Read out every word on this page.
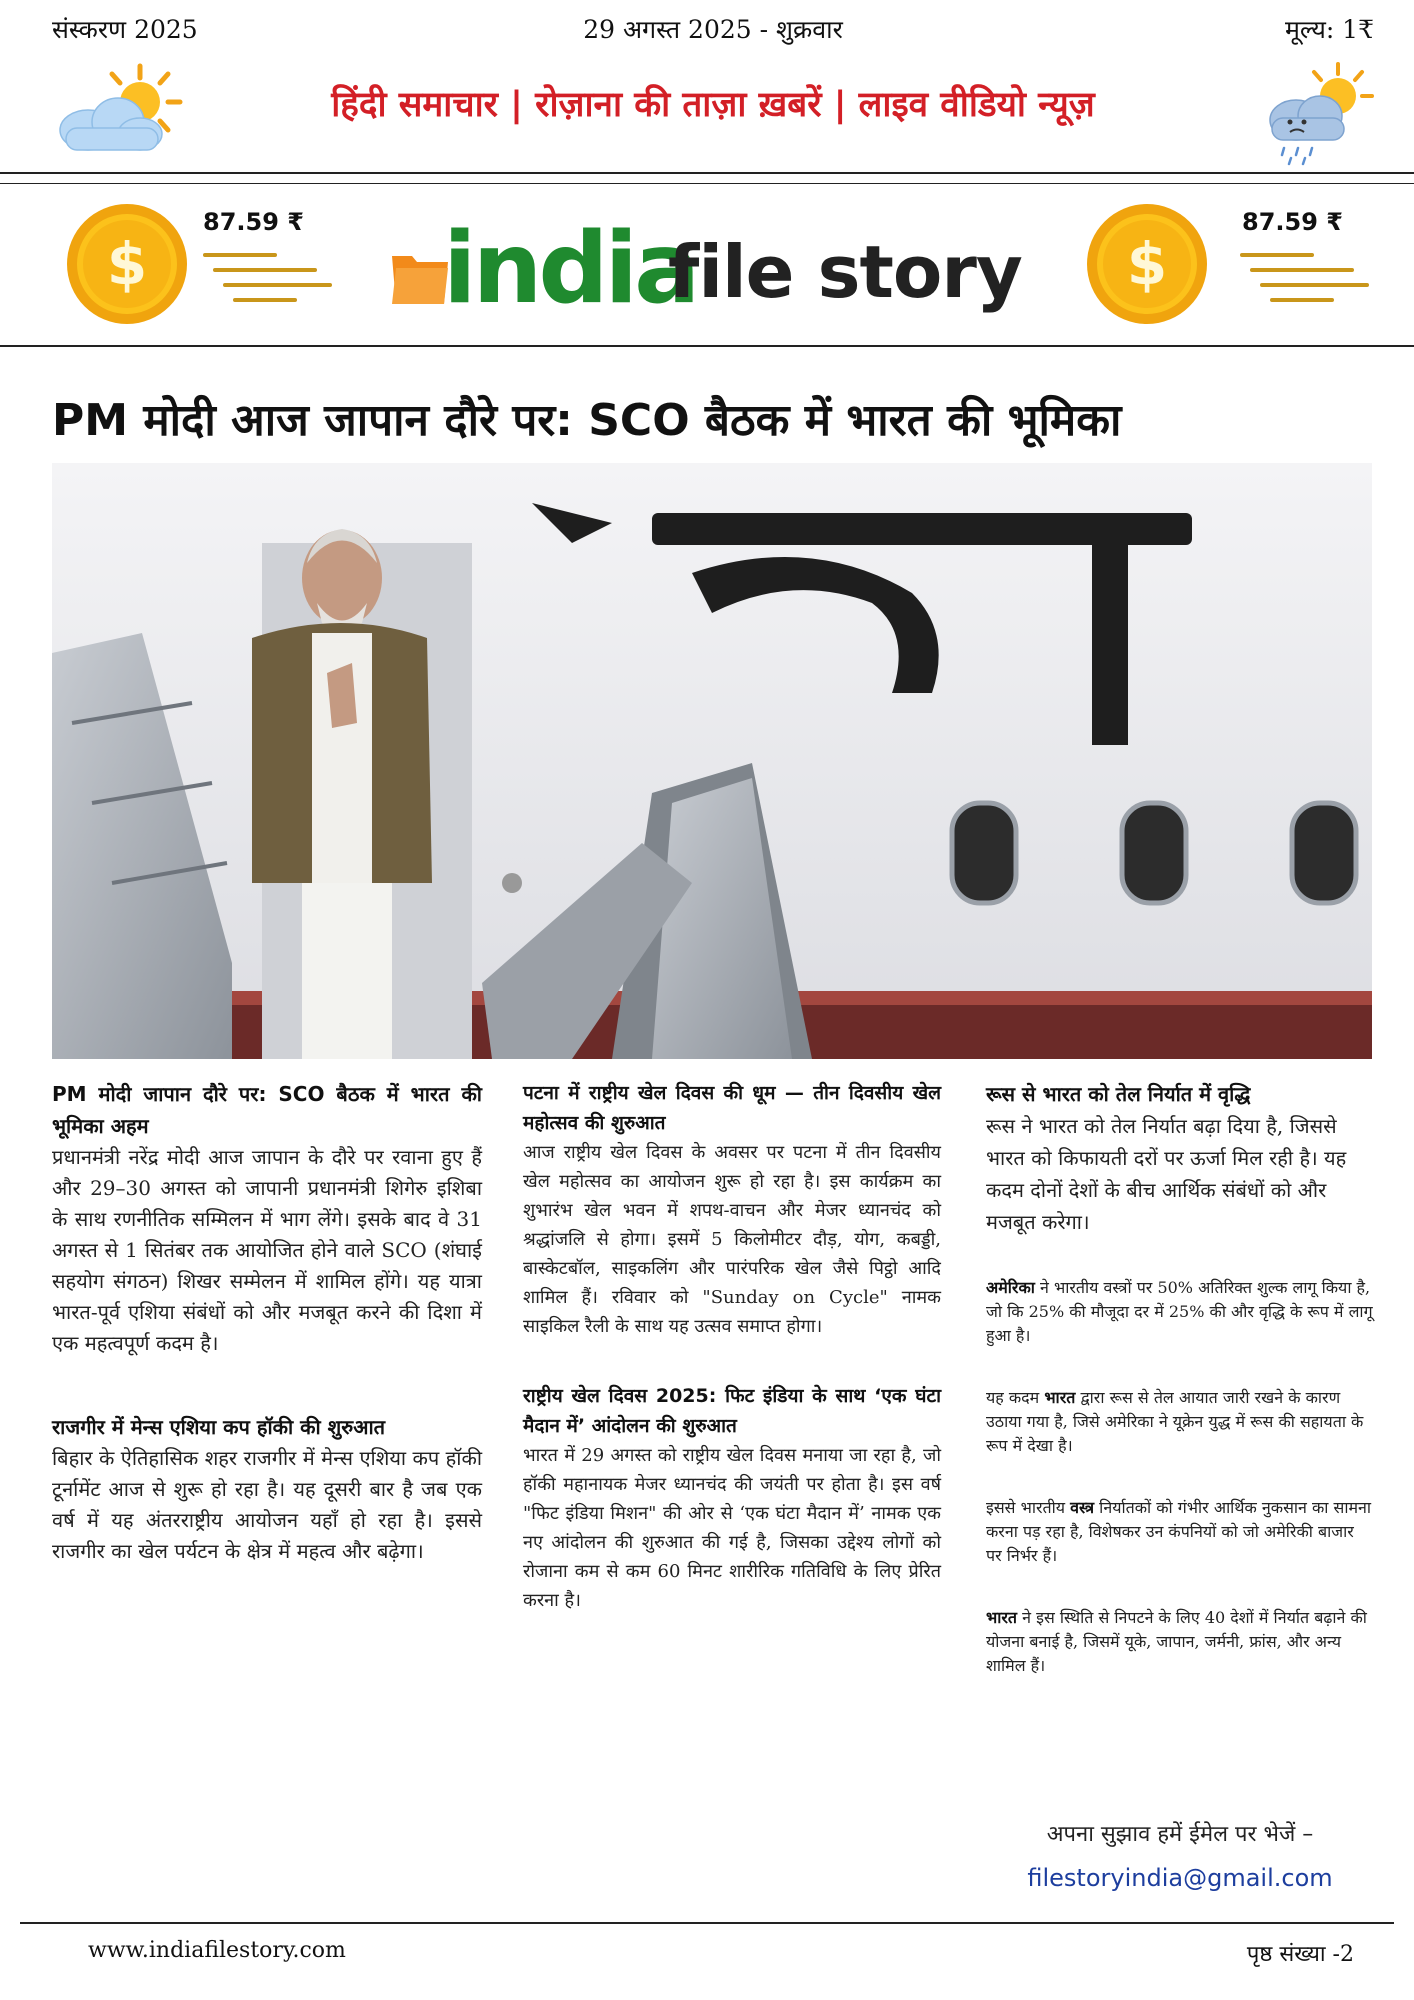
संस्करण 2025	29 अगस्त 2025 - शुक्रवार	मूल्य: 1₹
हिंदी समाचार | रोज़ाना की ताज़ा ख़बरें | लाइव वीडियो न्यूज़
$
87.59 ₹ india
file story $
87.59 ₹
PM मोदी आज जापान दौरे पर: SCO बैठक में भारत की भूमिका
PM मोदी जापान दौरे पर: SCO बैठक में भारत की भूमिका अहम
प्रधानमंत्री नरेंद्र मोदी आज जापान के दौरे पर रवाना हुए हैं और 29–30 अगस्त को जापानी प्रधानमंत्री शिगेरु इशिबा के साथ रणनीतिक सम्मिलन में भाग लेंगे। इसके बाद वे 31 अगस्त से 1 सितंबर तक आयोजित होने वाले SCO (शंघाई सहयोग संगठन) शिखर सम्मेलन में शामिल होंगे। यह यात्रा भारत-पूर्व एशिया संबंधों को और मजबूत करने की दिशा में एक महत्वपूर्ण कदम है।
राजगीर में मेन्स एशिया कप हॉकी की शुरुआत
बिहार के ऐतिहासिक शहर राजगीर में मेन्स एशिया कप हॉकी टूर्नामेंट आज से शुरू हो रहा है। यह दूसरी बार है जब एक वर्ष में यह अंतरराष्ट्रीय आयोजन यहाँ हो रहा है। इससे राजगीर का खेल पर्यटन के क्षेत्र में महत्व और बढ़ेगा।
पटना में राष्ट्रीय खेल दिवस की धूम — तीन दिवसीय खेल महोत्सव की शुरुआत
आज राष्ट्रीय खेल दिवस के अवसर पर पटना में तीन दिवसीय खेल महोत्सव का आयोजन शुरू हो रहा है। इस कार्यक्रम का शुभारंभ खेल भवन में शपथ-वाचन और मेजर ध्यानचंद को श्रद्धांजलि से होगा। इसमें 5 किलोमीटर दौड़, योग, कबड्डी, बास्केटबॉल, साइकलिंग और पारंपरिक खेल जैसे पिट्ठो आदि शामिल हैं। रविवार को "Sunday on Cycle" नामक साइकिल रैली के साथ यह उत्सव समाप्त होगा।
राष्ट्रीय खेल दिवस 2025: फिट इंडिया के साथ ‘एक घंटा मैदान में’ आंदोलन की शुरुआत
भारत में 29 अगस्त को राष्ट्रीय खेल दिवस मनाया जा रहा है, जो हॉकी महानायक मेजर ध्यानचंद की जयंती पर होता है। इस वर्ष "फिट इंडिया मिशन" की ओर से ‘एक घंटा मैदान में’ नामक एक नए आंदोलन की शुरुआत की गई है, जिसका उद्देश्य लोगों को रोजाना कम से कम 60 मिनट शारीरिक गतिविधि के लिए प्रेरित करना है।
रूस से भारत को तेल निर्यात में वृद्धि
रूस ने भारत को तेल निर्यात बढ़ा दिया है, जिससे भारत को किफायती दरों पर ऊर्जा मिल रही है। यह कदम दोनों देशों के बीच आर्थिक संबंधों को और मजबूत करेगा।
अमेरिका ने भारतीय वस्त्रों पर 50% अतिरिक्त शुल्क लागू किया है, जो कि 25% की मौजूदा दर में 25% की और वृद्धि के रूप में लागू हुआ है।
यह कदम भारत द्वारा रूस से तेल आयात जारी रखने के कारण उठाया गया है, जिसे अमेरिका ने यूक्रेन युद्ध में रूस की सहायता के रूप में देखा है।
इससे भारतीय वस्त्र निर्यातकों को गंभीर आर्थिक नुकसान का सामना करना पड़ रहा है, विशेषकर उन कंपनियों को जो अमेरिकी बाजार पर निर्भर हैं।
भारत ने इस स्थिति से निपटने के लिए 40 देशों में निर्यात बढ़ाने की योजना बनाई है, जिसमें यूके, जापान, जर्मनी, फ्रांस, और अन्य शामिल हैं।
अपना सुझाव हमें ईमेल पर भेजें –
filestoryindia@gmail.com
www.indiafilestory.com	पृष्ठ संख्या -2
